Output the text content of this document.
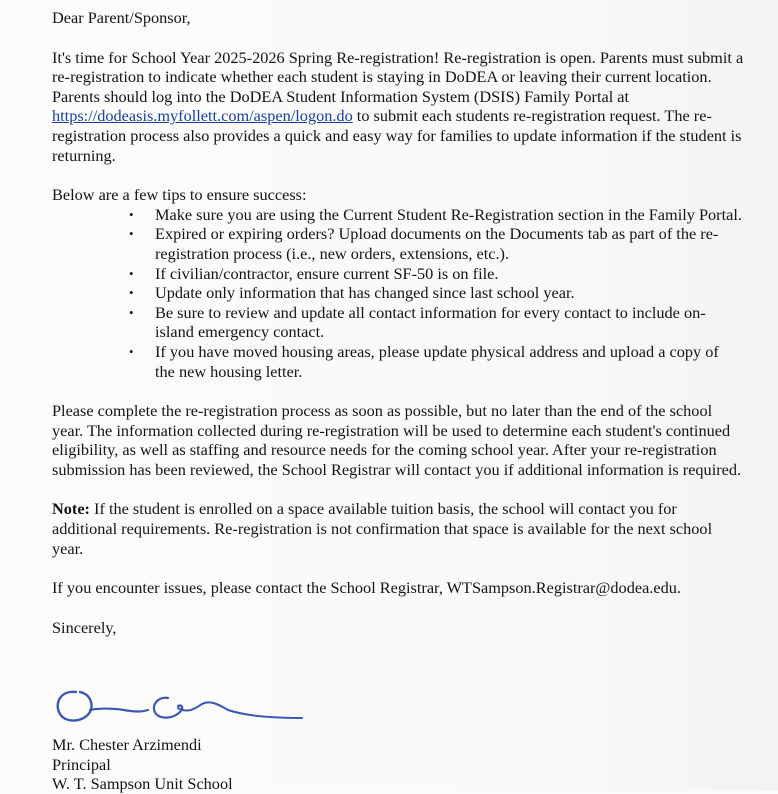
Dear Parent/Sponsor,

It's time for School Year 2025-2026 Spring Re-registration! Re-registration is open. Parents must submit a re-registration to indicate whether each student is staying in DoDEA or leaving their current location. Parents should log into the DoDEA Student Information System (DSIS) Family Portal at https://dodeasis.myfollett.com/aspen/logon.do to submit each students re-registration request. The re-registration process also provides a quick and easy way for families to update information if the student is returning.

Below are a few tips to ensure success:

• Make sure you are using the Current Student Re-Registration section in the Family Portal.
• Expired or expiring orders? Upload documents on the Documents tab as part of the re-registration process (i.e., new orders, extensions, etc.).
• If civilian/contractor, ensure current SF-50 is on file.
• Update only information that has changed since last school year.
• Be sure to review and update all contact information for every contact to include on-island emergency contact.
• If you have moved housing areas, please update physical address and upload a copy of the new housing letter.

Please complete the re-registration process as soon as possible, but no later than the end of the school year. The information collected during re-registration will be used to determine each student's continued eligibility, as well as staffing and resource needs for the coming school year. After your re-registration submission has been reviewed, the School Registrar will contact you if additional information is required.

Note: If the student is enrolled on a space available tuition basis, the school will contact you for additional requirements. Re-registration is not confirmation that space is available for the next school year.

If you encounter issues, please contact the School Registrar, WTSampson.Registrar@dodea.edu.

Sincerely,

Mr. Chester Arzimendi
Principal
W. T. Sampson Unit School
